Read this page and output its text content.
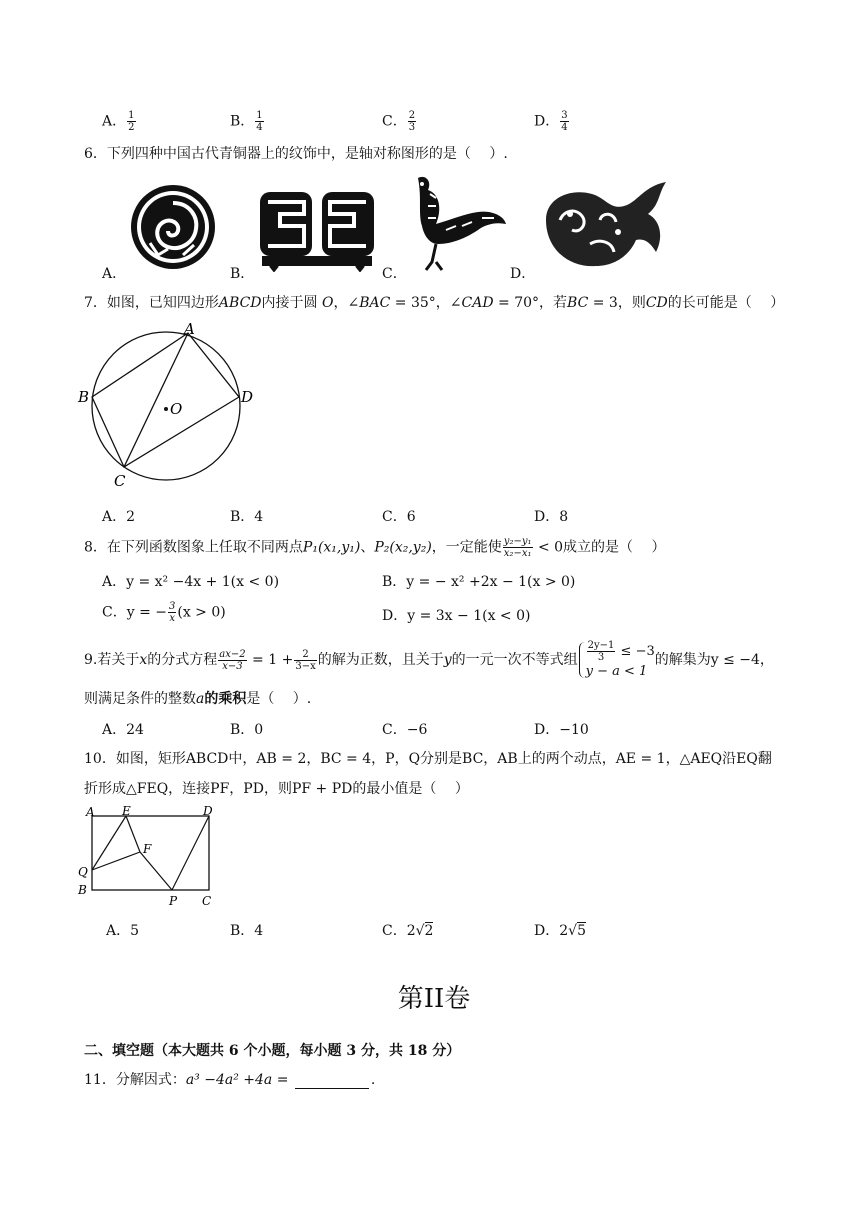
A． $\frac{1}{2}$	B． $\frac{1}{4}$	C． $\frac{2}{3}$	D． $\frac{3}{4}$
6．下列四种中国古代青铜器上的纹饰中，是轴对称图形的是（　 ）.
A．	B．	C．	D．
7．如图，已知四边形ABCD内接于圆 O，∠BAC = 35°，∠CAD = 70°，若BC = 3，则CD的长可能是（　 ）
A
B
C
D
O
A．2	B．4	C．6	D．8
8．在下列函数图象上任取不同两点P₁(x₁,y₁)、P₂(x₂,y₂)，一定能使 $\frac{\text{y₂−y₁}}{\text{x₂−x₁}} < 0$成立的是（　 ）
A．y = x² −4x + 1(x < 0)	B．y = − x² +2x − 1(x > 0)
C．y = − $\frac{3}{x} (x > 0)$	D．y = 3x − 1(x < 0)
9.若关于x的分式方程 $\frac{ax-2}{x-3} = 1 + \frac{2}{3-x}$ 的解为正数，且关于y的一元一次不等式组 $\frac{2y-1}{3} \le -3$
y − a < 1
的解集为y ≤ −4，
则满足条件的整数a的乘积是（　 ）.
A．24	B．0	C．−6	D．−10
10．如图，矩形ABCD中，AB = 2，BC = 4，P，Q分别是BC，AB上的两个动点，AE = 1，△AEQ沿EQ翻
折形成△FEQ，连接PF，PD，则PF + PD的最小值是（　 ）
A E	D
F
Q
B
P C
A．5	B．4	C．2√2	D．2√5
第II卷
二、填空题（本大题共 6 个小题，每小题 3 分，共 18 分）
11．分解因式：a³ −4a² +4a =	.
